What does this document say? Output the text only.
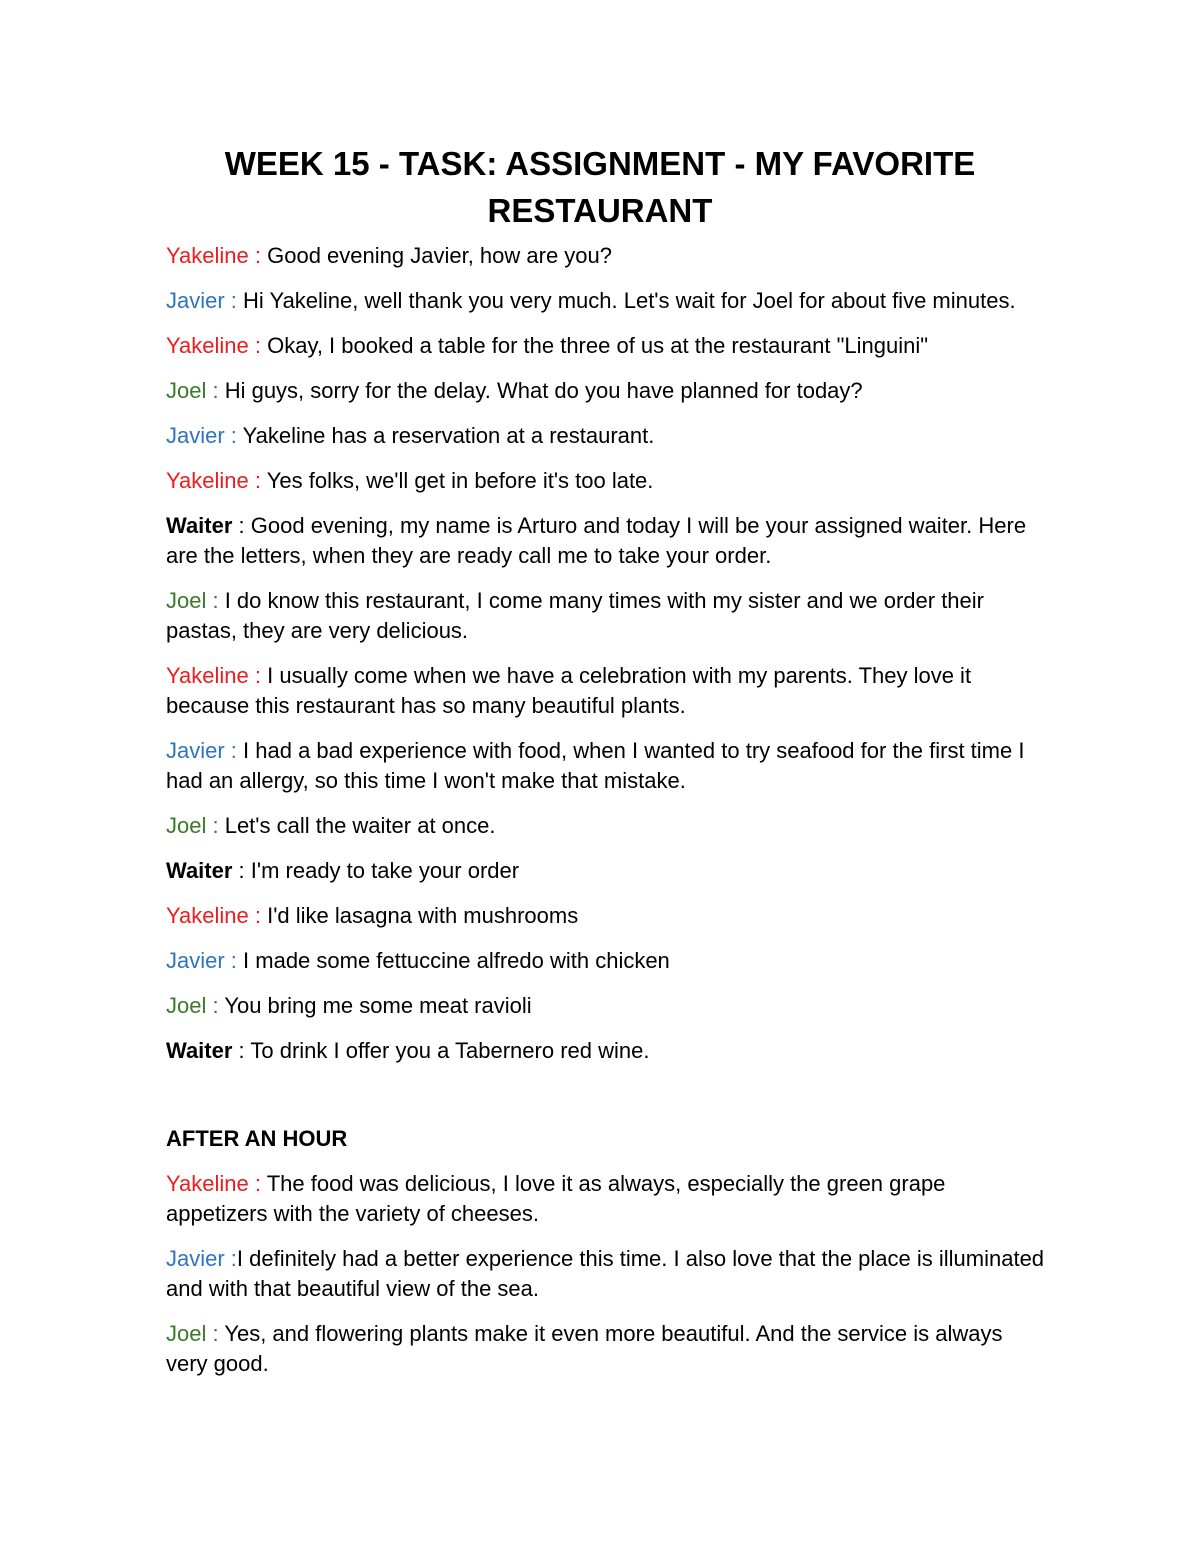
WEEK 15 - TASK: ASSIGNMENT - MY FAVORITE RESTAURANT

Yakeline : Good evening Javier, how are you?

Javier : Hi Yakeline, well thank you very much. Let's wait for Joel for about five minutes.

Yakeline : Okay, I booked a table for the three of us at the restaurant "Linguini"

Joel : Hi guys, sorry for the delay. What do you have planned for today?

Javier : Yakeline has a reservation at a restaurant.

Yakeline : Yes folks, we'll get in before it's too late.

Waiter : Good evening, my name is Arturo and today I will be your assigned waiter. Here are the letters, when they are ready call me to take your order.

Joel : I do know this restaurant, I come many times with my sister and we order their pastas, they are very delicious.

Yakeline : I usually come when we have a celebration with my parents. They love it because this restaurant has so many beautiful plants.

Javier : I had a bad experience with food, when I wanted to try seafood for the first time I had an allergy, so this time I won't make that mistake.

Joel : Let's call the waiter at once.

Waiter : I'm ready to take your order

Yakeline : I'd like lasagna with mushrooms

Javier : I made some fettuccine alfredo with chicken

Joel : You bring me some meat ravioli

Waiter : To drink I offer you a Tabernero red wine.

AFTER AN HOUR

Yakeline : The food was delicious, I love it as always, especially the green grape appetizers with the variety of cheeses.

Javier :I definitely had a better experience this time. I also love that the place is illuminated and with that beautiful view of the sea.

Joel : Yes, and flowering plants make it even more beautiful. And the service is always very good.
